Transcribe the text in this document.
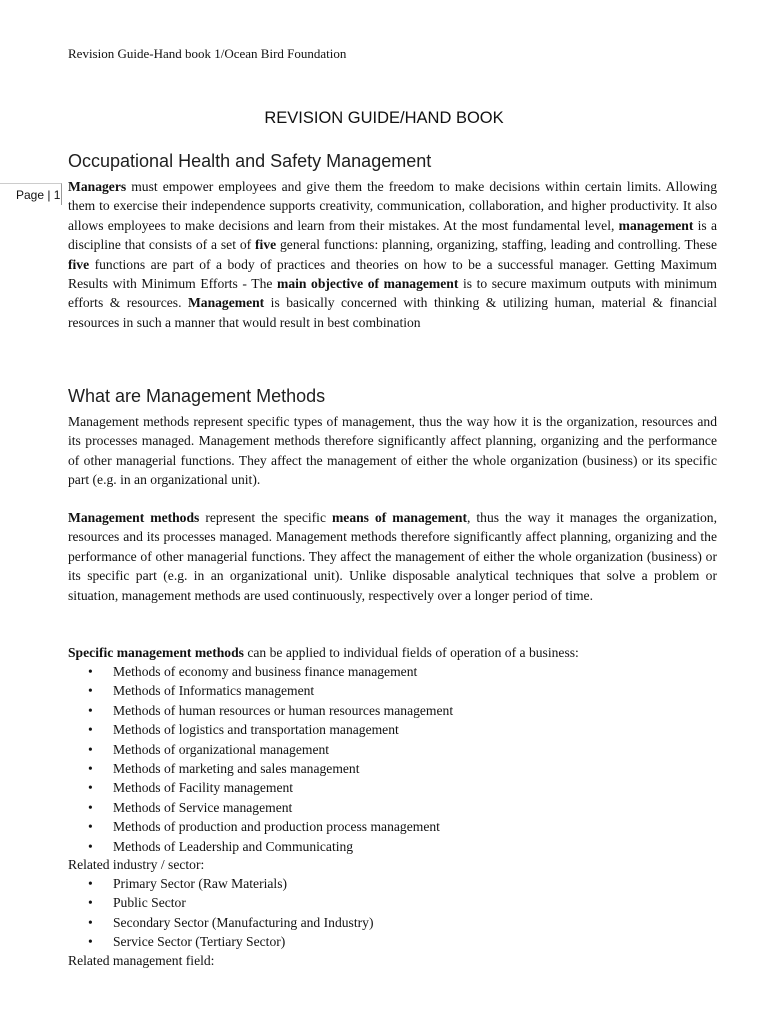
Revision Guide-Hand book 1/Ocean Bird Foundation
REVISION GUIDE/HAND BOOK
Occupational Health and Safety Management
Page | 1
Managers must empower employees and give them the freedom to make decisions within certain limits. Allowing them to exercise their independence supports creativity, communication, collaboration, and higher productivity. It also allows employees to make decisions and learn from their mistakes. At the most fundamental level, management is a discipline that consists of a set of five general functions: planning, organizing, staffing, leading and controlling. These five functions are part of a body of practices and theories on how to be a successful manager. Getting Maximum Results with Minimum Efforts - The main objective of management is to secure maximum outputs with minimum efforts & resources. Management is basically concerned with thinking & utilizing human, material & financial resources in such a manner that would result in best combination
What are Management Methods
Management methods represent specific types of management, thus the way how it is the organization, resources and its processes managed. Management methods therefore significantly affect planning, organizing and the performance of other managerial functions. They affect the management of either the whole organization (business) or its specific part (e.g. in an organizational unit).
Management methods represent the specific means of management, thus the way it manages the organization, resources and its processes managed. Management methods therefore significantly affect planning, organizing and the performance of other managerial functions. They affect the management of either the whole organization (business) or its specific part (e.g. in an organizational unit). Unlike disposable analytical techniques that solve a problem or situation, management methods are used continuously, respectively over a longer period of time.
Specific management methods can be applied to individual fields of operation of a business:
• Methods of economy and business finance management
• Methods of Informatics management
• Methods of human resources or human resources management
• Methods of logistics and transportation management
• Methods of organizational management
• Methods of marketing and sales management
• Methods of Facility management
• Methods of Service management
• Methods of production and production process management
• Methods of Leadership and Communicating
Related industry / sector:
• Primary Sector (Raw Materials)
• Public Sector
• Secondary Sector (Manufacturing and Industry)
• Service Sector (Tertiary Sector)
Related management field:
